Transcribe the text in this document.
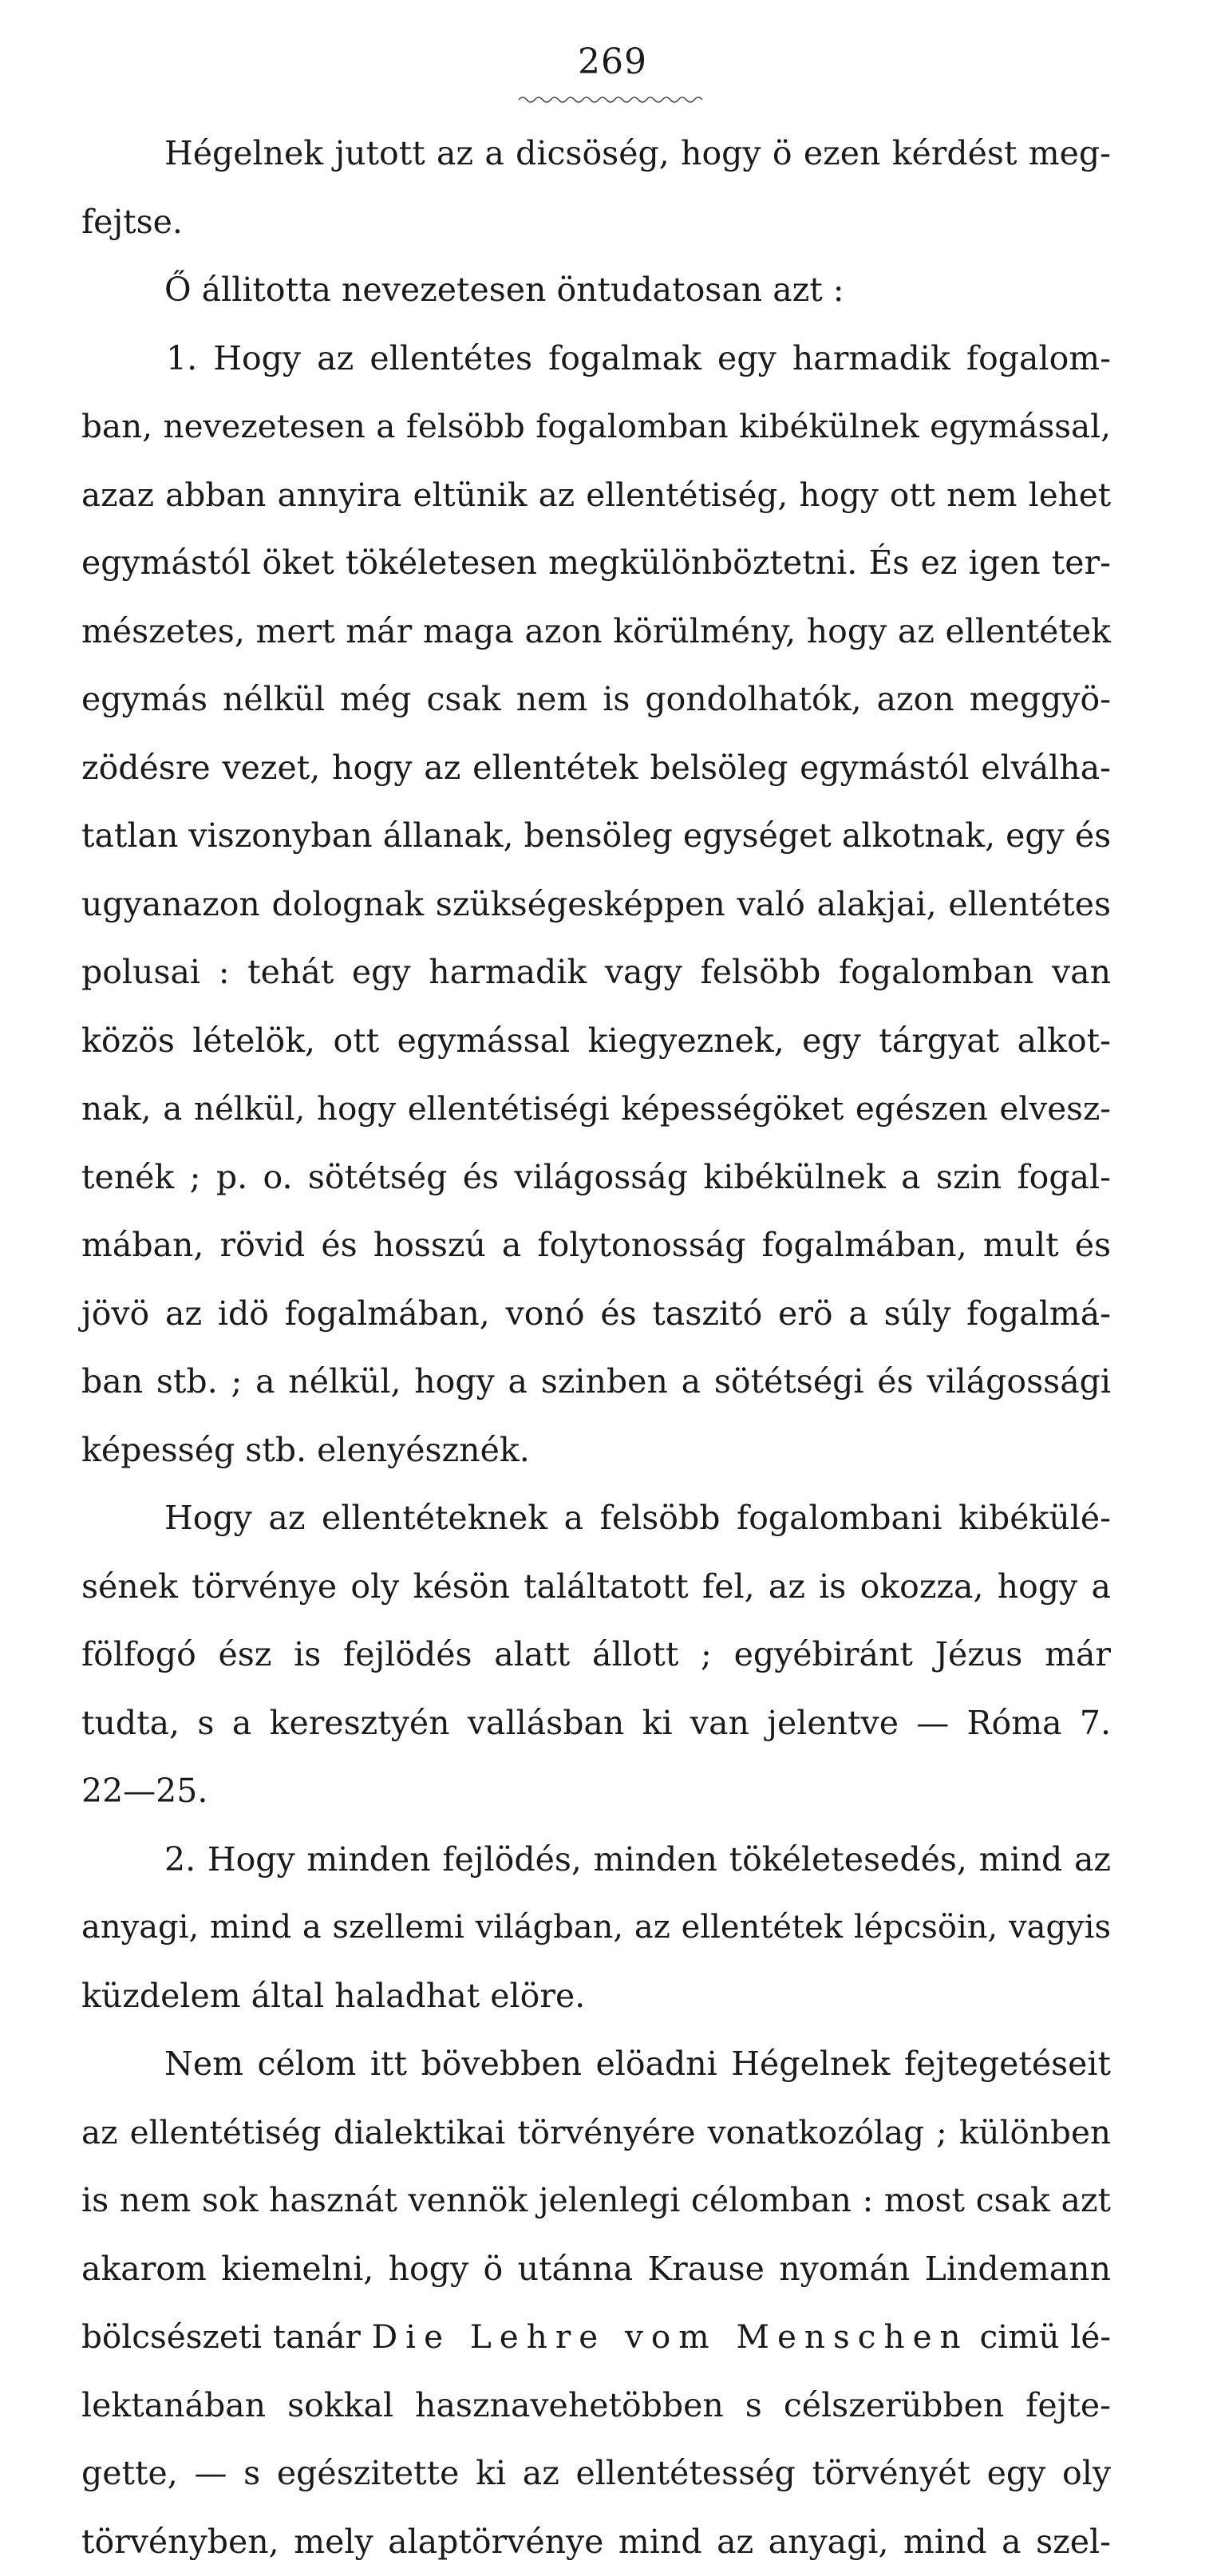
269
Hégelnek jutott az a dicsöség, hogy ö ezen kérdést meg-
fejtse.
Ő állitotta nevezetesen öntudatosan azt :
1. Hogy az ellentétes fogalmak egy harmadik fogalom-
ban, nevezetesen a felsöbb fogalomban kibékülnek egymással,
azaz abban annyira eltünik az ellentétiség, hogy ott nem lehet
egymástól öket tökéletesen megkülönböztetni. És ez igen ter-
mészetes, mert már maga azon körülmény, hogy az ellentétek
egymás nélkül még csak nem is gondolhatók, azon meggyö-
zödésre vezet, hogy az ellentétek belsöleg egymástól elválha-
tatlan viszonyban állanak, bensöleg egységet alkotnak, egy és
ugyanazon dolognak szükségesképpen való alakjai, ellentétes
polusai : tehát egy harmadik vagy felsöbb fogalomban van
közös lételök, ott egymással kiegyeznek, egy tárgyat alkot-
nak, a nélkül, hogy ellentétiségi képességöket egészen elvesz-
tenék ; p. o. sötétség és világosság kibékülnek a szin fogal-
mában, rövid és hosszú a folytonosság fogalmában, mult és
jövö az idö fogalmában, vonó és taszitó erö a súly fogalmá-
ban stb. ; a nélkül, hogy a szinben a sötétségi és világossági
képesség stb. elenyésznék.
Hogy az ellentéteknek a felsöbb fogalombani kibékülé-
sének törvénye oly késön találtatott fel, az is okozza, hogy a
fölfogó ész is fejlödés alatt állott ; egyébiránt Jézus már
tudta, s a keresztyén vallásban ki van jelentve — Róma 7.
22—25.
2. Hogy minden fejlödés, minden tökéletesedés, mind az
anyagi, mind a szellemi világban, az ellentétek lépcsöin, vagyis
küzdelem által haladhat elöre.
Nem célom itt bövebben elöadni Hégelnek fejtegetéseit
az ellentétiség dialektikai törvényére vonatkozólag ; különben
is nem sok hasznát vennök jelenlegi célomban : most csak azt
akarom kiemelni, hogy ö utánna Krause nyomán Lindemann
bölcsészeti tanár Die Lehre vom Menschen cimü lé-
lektanában sokkal hasznavehetöbben s célszerübben fejte-
gette, — s egészitette ki az ellentétesség törvényét egy oly
törvényben, mely alaptörvénye mind az anyagi, mind a szel-
